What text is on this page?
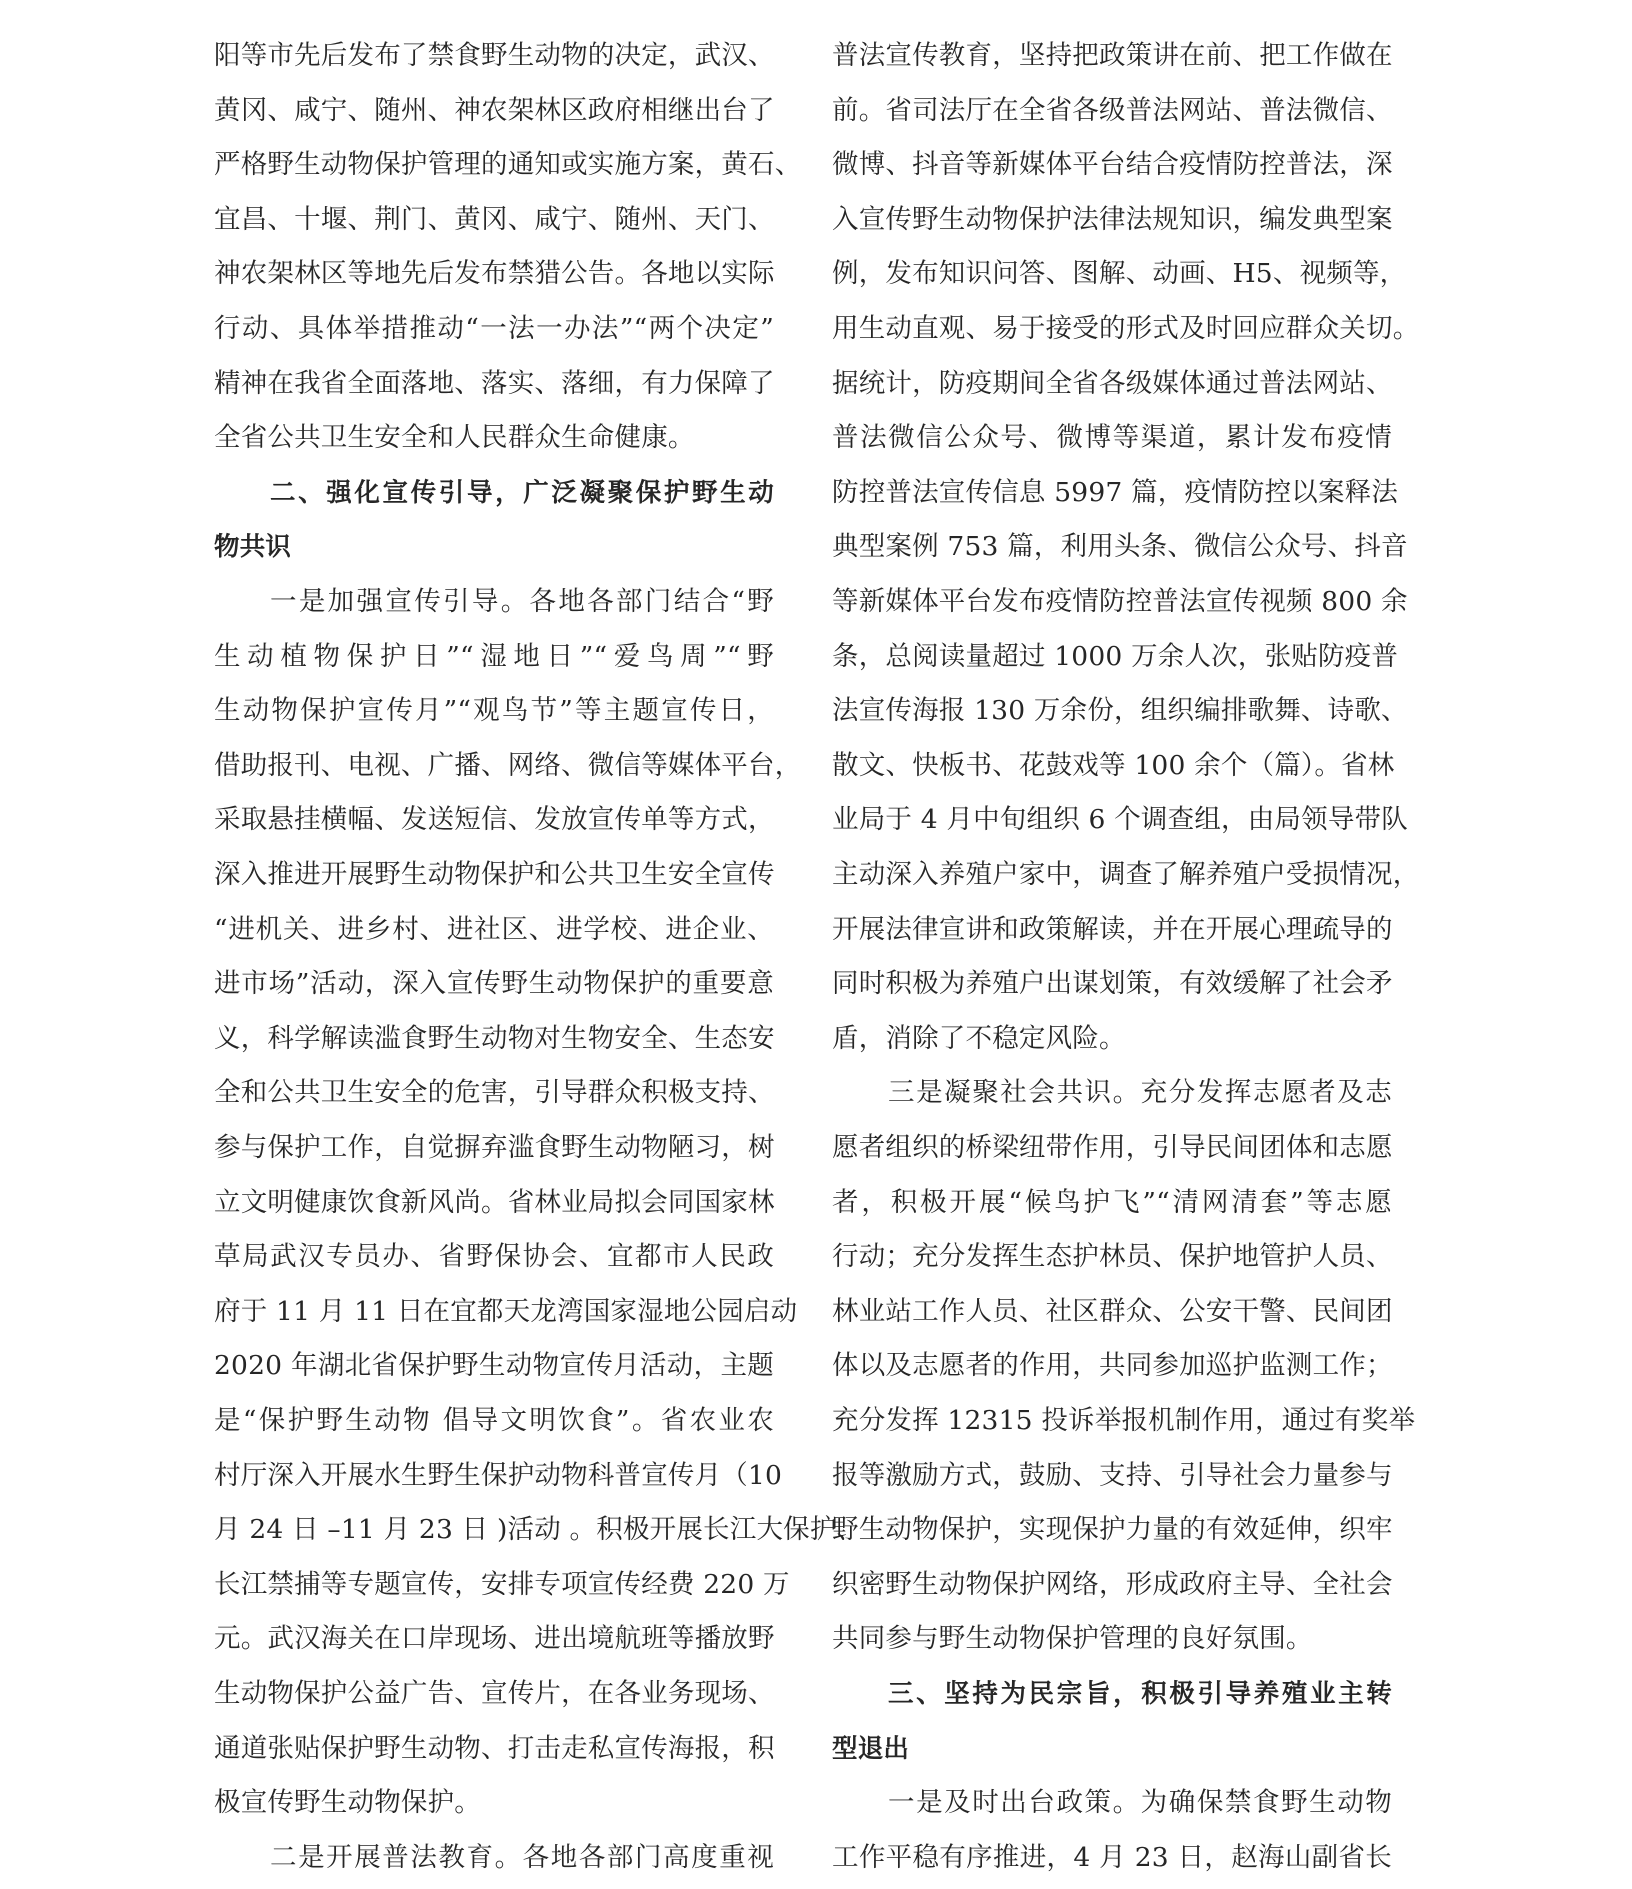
阳等市先后发布了禁食野生动物的决定，武汉、
黄冈、咸宁、随州、神农架林区政府相继出台了
严格野生动物保护管理的通知或实施方案，黄石、
宜昌、十堰、荆门、黄冈、咸宁、随州、天门、
神农架林区等地先后发布禁猎公告。各地以实际
行动、具体举措推动“一法一办法”“两个决定”
精神在我省全面落地、落实、落细，有力保障了
全省公共卫生安全和人民群众生命健康。
二、强化宣传引导，广泛凝聚保护野生动
物共识
一是加强宣传引导。各地各部门结合“野
生动植物保护日”“湿地日”“爱鸟周”“野
生动物保护宣传月”“观鸟节”等主题宣传日，
借助报刊、电视、广播、网络、微信等媒体平台，
采取悬挂横幅、发送短信、发放宣传单等方式，
深入推进开展野生动物保护和公共卫生安全宣传
“进机关、进乡村、进社区、进学校、进企业、
进市场”活动，深入宣传野生动物保护的重要意
义，科学解读滥食野生动物对生物安全、生态安
全和公共卫生安全的危害，引导群众积极支持、
参与保护工作，自觉摒弃滥食野生动物陋习，树
立文明健康饮食新风尚。省林业局拟会同国家林
草局武汉专员办、省野保协会、宜都市人民政
府于 11 月 11 日在宜都天龙湾国家湿地公园启动
2020 年湖北省保护野生动物宣传月活动，主题
是“保护野生动物 倡导文明饮食”。省农业农
村厅深入开展水生野生保护动物科普宣传月（10
月 24 日 –11 月 23 日 )活动 。积极开展长江大保护、
长江禁捕等专题宣传，安排专项宣传经费 220 万
元。武汉海关在口岸现场、进出境航班等播放野
生动物保护公益广告、宣传片，在各业务现场、
通道张贴保护野生动物、打击走私宣传海报，积
极宣传野生动物保护。
二是开展普法教育。各地各部门高度重视
普法宣传教育，坚持把政策讲在前、把工作做在
前。省司法厅在全省各级普法网站、普法微信、
微博、抖音等新媒体平台结合疫情防控普法，深
入宣传野生动物保护法律法规知识，编发典型案
例，发布知识问答、图解、动画、H5、视频等，
用生动直观、易于接受的形式及时回应群众关切。
据统计，防疫期间全省各级媒体通过普法网站、
普法微信公众号、微博等渠道，累计发布疫情
防控普法宣传信息 5997 篇，疫情防控以案释法
典型案例 753 篇，利用头条、微信公众号、抖音
等新媒体平台发布疫情防控普法宣传视频 800 余
条，总阅读量超过 1000 万余人次，张贴防疫普
法宣传海报 130 万余份，组织编排歌舞、诗歌、
散文、快板书、花鼓戏等 100 余个（篇）。省林
业局于 4 月中旬组织 6 个调查组，由局领导带队
主动深入养殖户家中，调查了解养殖户受损情况，
开展法律宣讲和政策解读，并在开展心理疏导的
同时积极为养殖户出谋划策，有效缓解了社会矛
盾，消除了不稳定风险。
三是凝聚社会共识。充分发挥志愿者及志
愿者组织的桥梁纽带作用，引导民间团体和志愿
者，积极开展“候鸟护飞”“清网清套”等志愿
行动；充分发挥生态护林员、保护地管护人员、
林业站工作人员、社区群众、公安干警、民间团
体以及志愿者的作用，共同参加巡护监测工作；
充分发挥 12315 投诉举报机制作用，通过有奖举
报等激励方式，鼓励、支持、引导社会力量参与
野生动物保护，实现保护力量的有效延伸，织牢
织密野生动物保护网络，形成政府主导、全社会
共同参与野生动物保护管理的良好氛围。
三、坚持为民宗旨，积极引导养殖业主转
型退出
一是及时出台政策。为确保禁食野生动物
工作平稳有序推进，4 月 23 日，赵海山副省长
